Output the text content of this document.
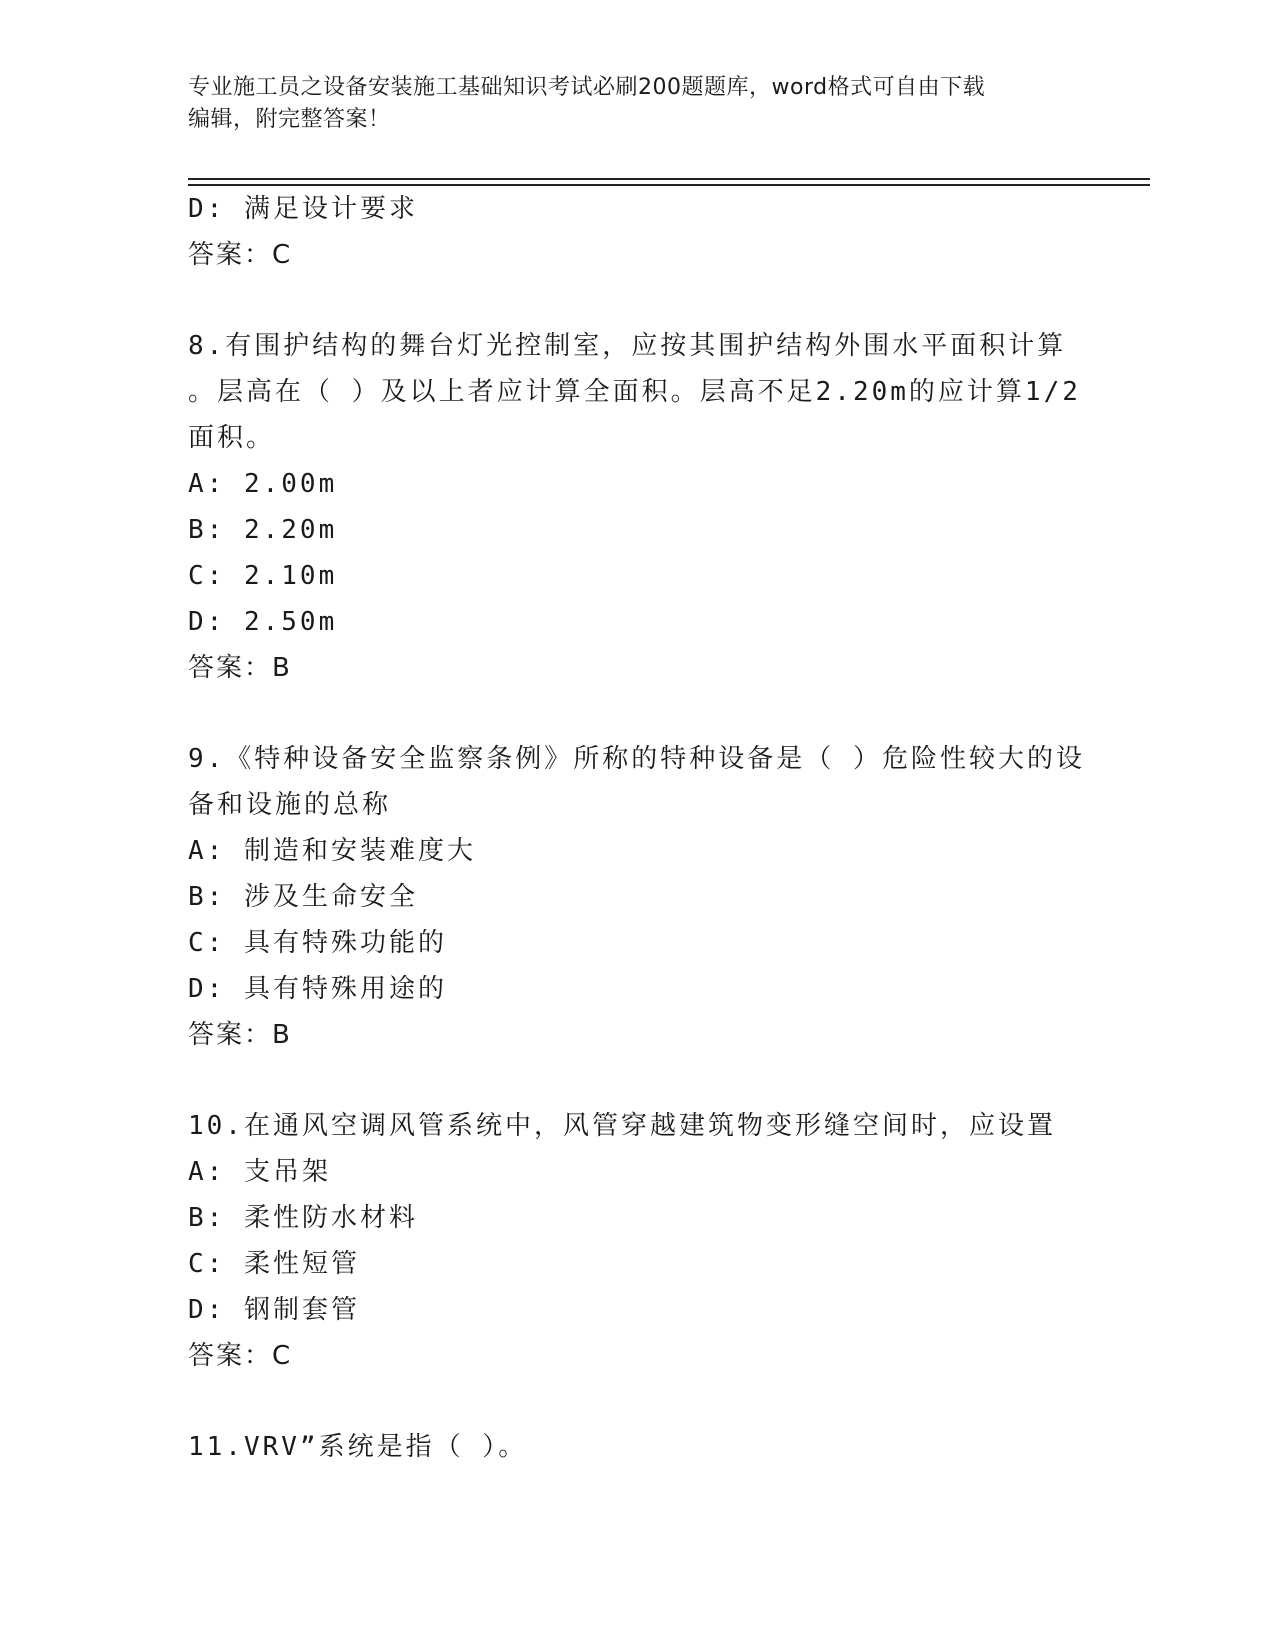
专业施工员之设备安装施工基础知识考试必刷200题题库，word格式可自由下载
编辑，附完整答案！
D: 满足设计要求
答案：C
8.有围护结构的舞台灯光控制室，应按其围护结构外围水平面积计算
。层高在（ ）及以上者应计算全面积。层高不足2.20m的应计算1/2
面积。
A: 2.00m
B: 2.20m
C: 2.10m
D: 2.50m
答案：B
9.《特种设备安全监察条例》所称的特种设备是（ ）危险性较大的设
备和设施的总称
A: 制造和安装难度大
B: 涉及生命安全
C: 具有特殊功能的
D: 具有特殊用途的
答案：B
10.在通风空调风管系统中，风管穿越建筑物变形缝空间时，应设置
A: 支吊架
B: 柔性防水材料
C: 柔性短管
D: 钢制套管
答案：C
11.VRV”系统是指（ ）。
